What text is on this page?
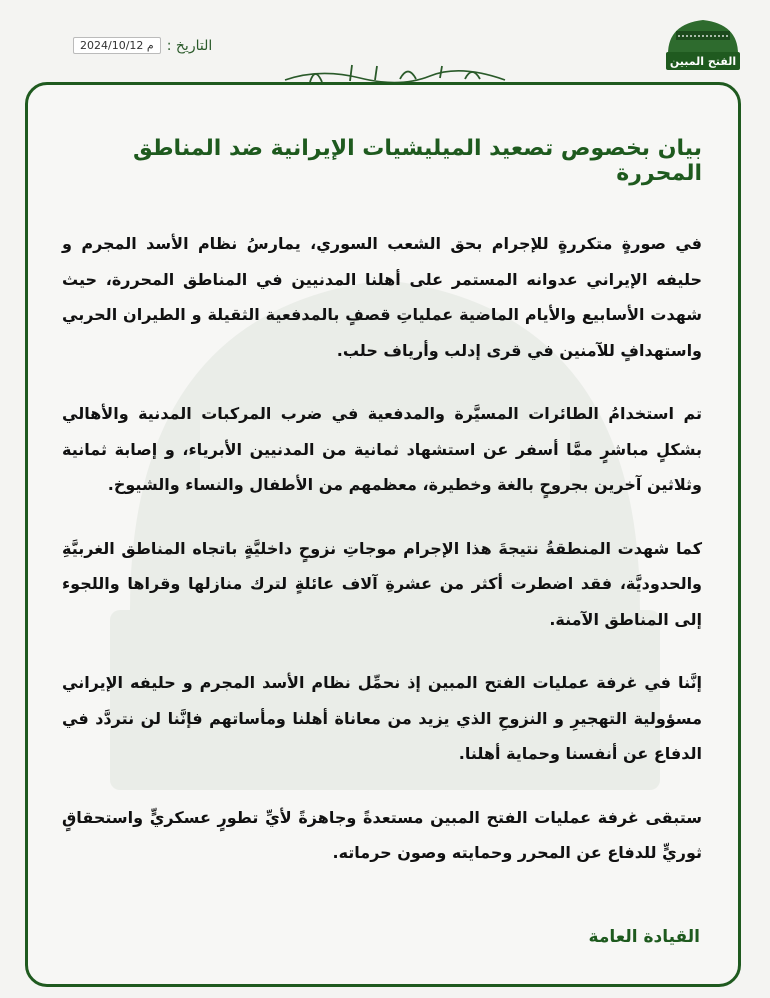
التاريخ :
2024/10/12 م
الفتح المبين
بيان بخصوص تصعيد الميليشيات الإيرانية ضد المناطق المحررة

في صورةٍ متكررةٍ للإجرام بحق الشعب السوري، يمارسُ نظام الأسد المجرم و حليفه الإيراني عدوانه المستمر على أهلنا المدنيين في المناطق المحررة، حيث شهدت الأسابيع والأيام الماضية عملياتِ قصفٍ بالمدفعية الثقيلة و الطيران الحربي واستهدافٍ للآمنين في قرى إدلب وأرياف حلب.

تم استخدامُ الطائرات المسيَّرة والمدفعية في ضرب المركبات المدنية والأهالي بشكلٍ مباشرٍ ممَّا أسفر عن استشهاد ثمانية من المدنيين الأبرياء، و إصابة ثمانية وثلاثين آخرين بجروحٍ بالغة وخطيرة، معظمهم من الأطفال والنساء والشيوخ.

كما شهدت المنطقةُ نتيجةَ هذا الإجرام موجاتِ نزوحٍ داخليَّةٍ باتجاه المناطق الغربيَّةِ والحدوديَّة، فقد اضطرت أكثر من عشرةِ آلاف عائلةٍ لترك منازلها وقراها واللجوء إلى المناطق الآمنة.

إنَّنا في غرفة عمليات الفتح المبين إذ نحمِّل نظام الأسد المجرم و حليفه الإيراني مسؤولية التهجيرِ و النزوحِ الذي يزيد من معاناة أهلنا ومأساتهم فإنَّنا لن نتردَّد في الدفاع عن أنفسنا وحماية أهلنا.

ستبقى غرفة عمليات الفتح المبين مستعدةً وجاهزةً لأيِّ تطورٍ عسكريٍّ واستحقاقٍ ثوريٍّ للدفاع عن المحرر وحمايته وصون حرماته.

القيادة العامة
